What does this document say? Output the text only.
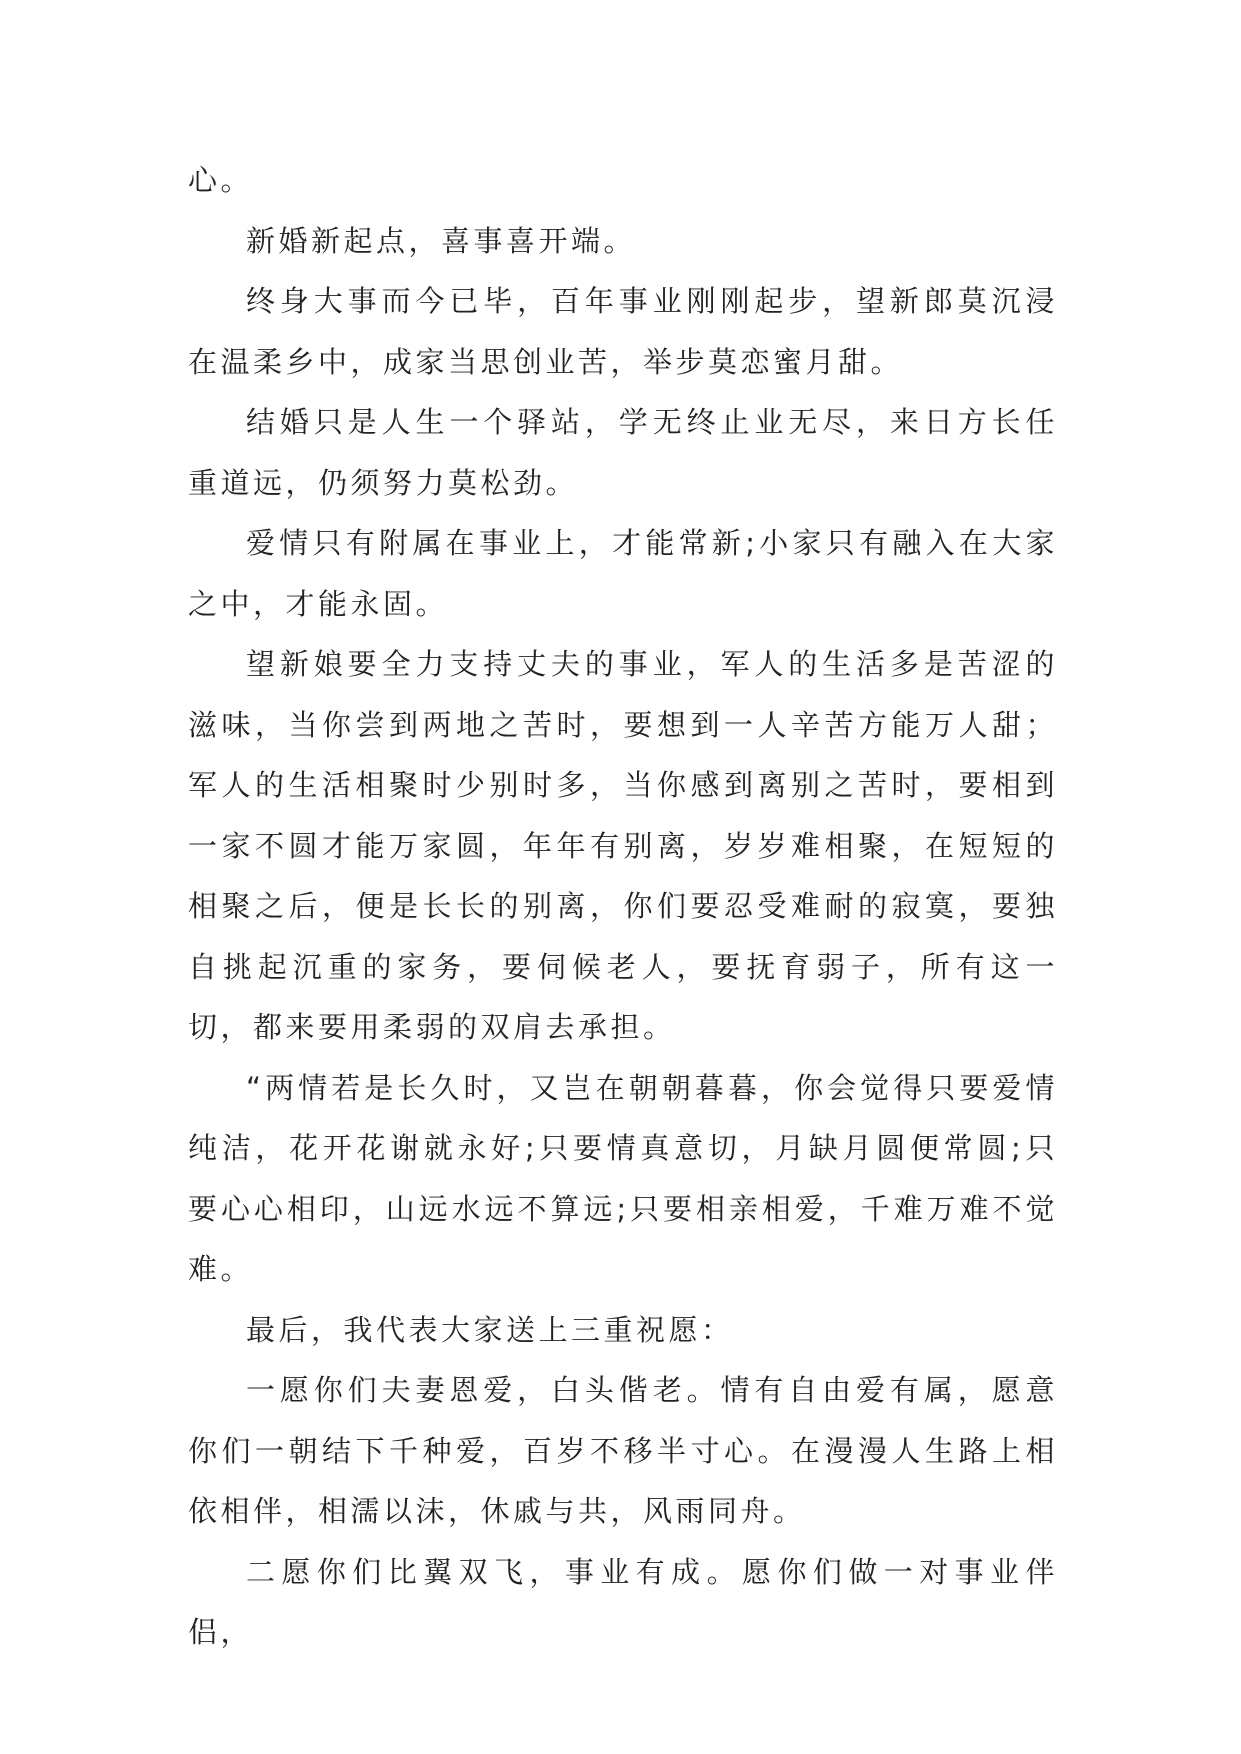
心。

新婚新起点，喜事喜开端。

终身大事而今已毕，百年事业刚刚起步，望新郎莫沉浸在温柔乡中，成家当思创业苦，举步莫恋蜜月甜。

结婚只是人生一个驿站，学无终止业无尽，来日方长任重道远，仍须努力莫松劲。

爱情只有附属在事业上，才能常新;小家只有融入在大家之中，才能永固。

望新娘要全力支持丈夫的事业，军人的生活多是苦涩的滋味，当你尝到两地之苦时，要想到一人辛苦方能万人甜；军人的生活相聚时少别时多，当你感到离别之苦时，要相到一家不圆才能万家圆，年年有别离，岁岁难相聚，在短短的相聚之后，便是长长的别离，你们要忍受难耐的寂寞，要独自挑起沉重的家务，要伺候老人，要抚育弱子，所有这一切，都来要用柔弱的双肩去承担。

“两情若是长久时，又岂在朝朝暮暮，你会觉得只要爱情纯洁，花开花谢就永好;只要情真意切，月缺月圆便常圆;只要心心相印，山远水远不算远;只要相亲相爱，千难万难不觉难。

最后，我代表大家送上三重祝愿：

一愿你们夫妻恩爱，白头偕老。情有自由爱有属，愿意你们一朝结下千种爱，百岁不移半寸心。在漫漫人生路上相依相伴，相濡以沫，休戚与共，风雨同舟。

二愿你们比翼双飞，事业有成。愿你们做一对事业伴侣，
